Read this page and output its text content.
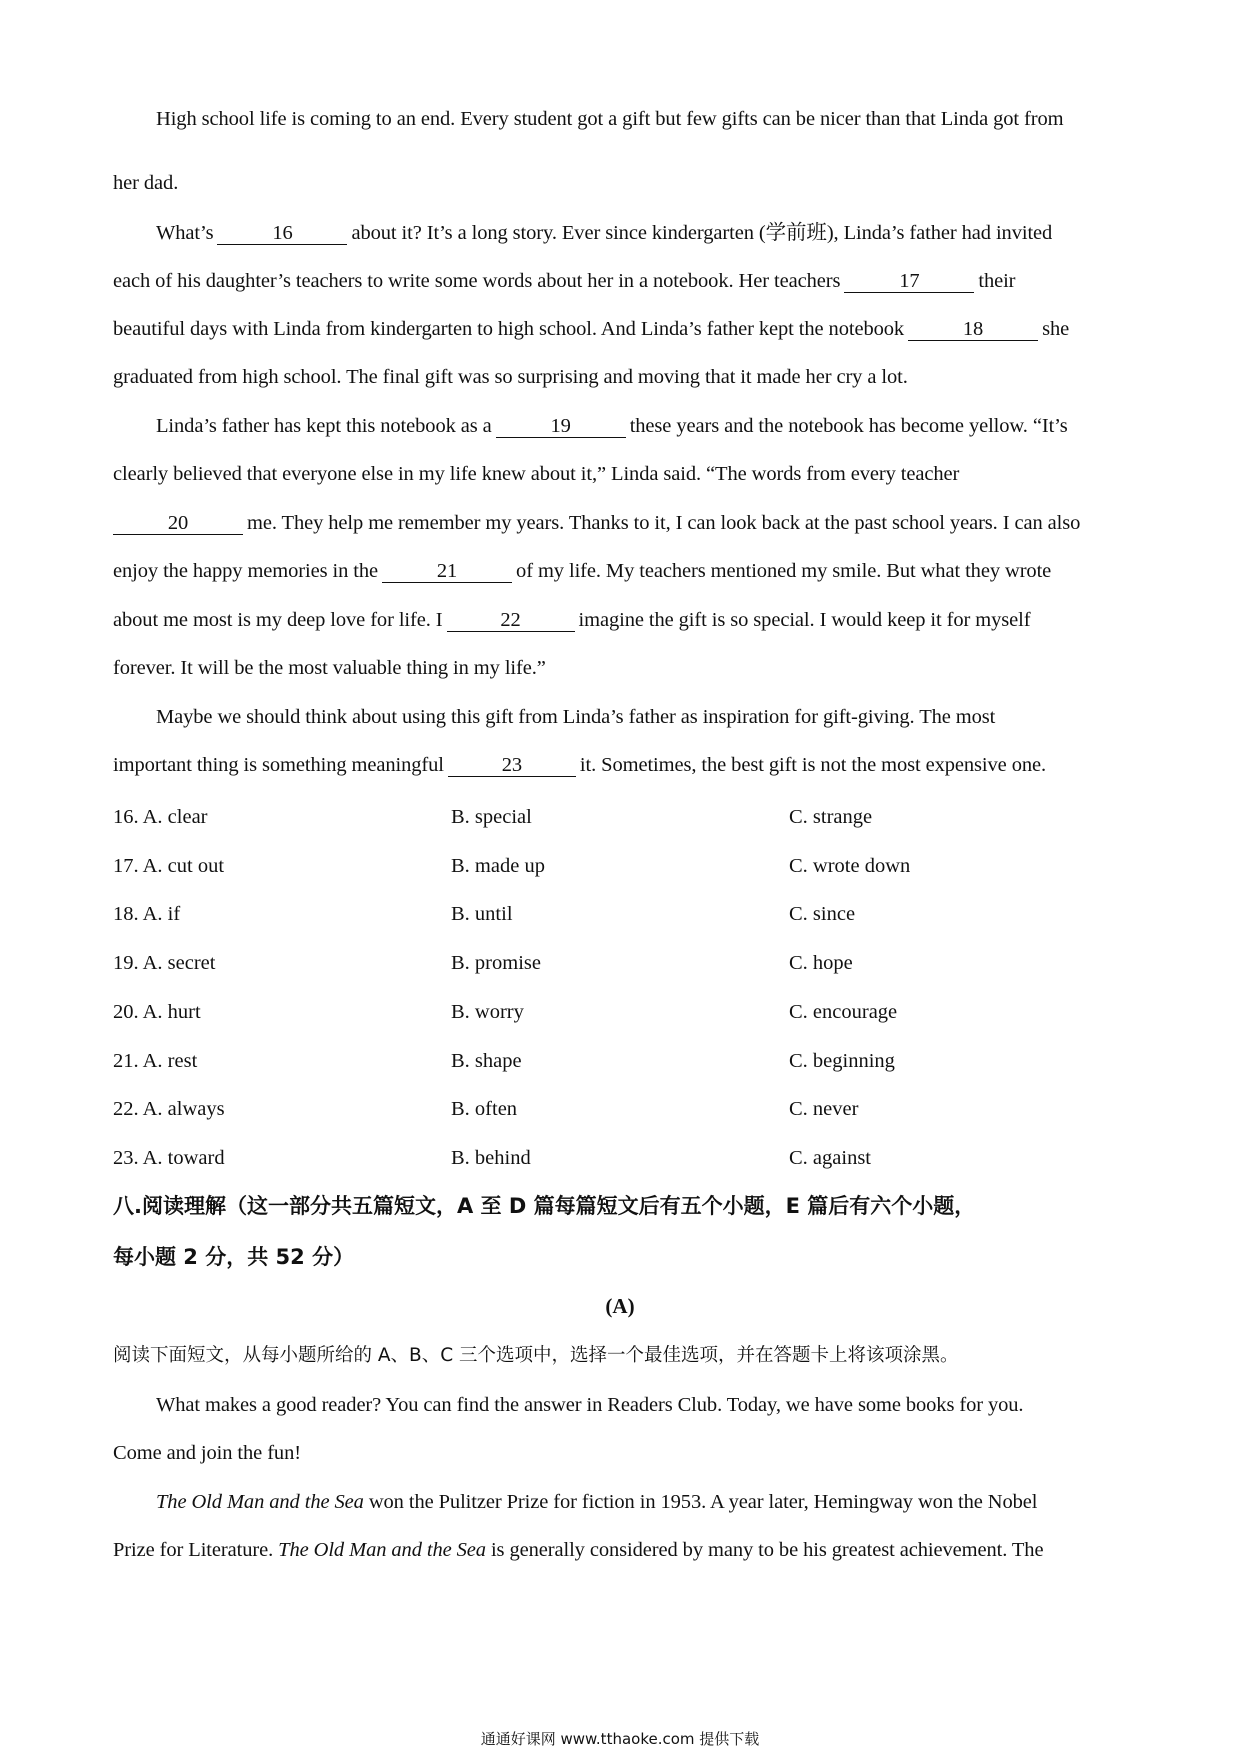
High school life is coming to an end. Every student got a gift but few gifts can be nicer than that Linda got from
her dad.
What’s	16	about it? It’s a long story. Ever since kindergarten (学前班), Linda’s father had invited
each of his daughter’s teachers to write some words about her in a notebook. Her teachers	17	their
beautiful days with Linda from kindergarten to high school. And Linda’s father kept the notebook	18	she
graduated from high school. The final gift was so surprising and moving that it made her cry a lot.
Linda’s father has kept this notebook as a	19	these years and the notebook has become yellow. “It’s
clearly believed that everyone else in my life knew about it,” Linda said. “The words from every teacher
20	me. They help me remember my years. Thanks to it, I can look back at the past school years. I can also
enjoy the happy memories in the	21	of my life. My teachers mentioned my smile. But what they wrote
about me most is my deep love for life. I	22	imagine the gift is so special. I would keep it for myself
forever. It will be the most valuable thing in my life.”
Maybe we should think about using this gift from Linda’s father as inspiration for gift-giving. The most
important thing is something meaningful	23	it. Sometimes, the best gift is not the most expensive one.
16. A. clear	B. special	C. strange
17. A. cut out	B. made up	C. wrote down
18. A. if	B. until	C. since
19. A. secret	B. promise	C. hope
20. A. hurt	B. worry	C. encourage
21. A. rest	B. shape	C. beginning
22. A. always	B. often	C. never
23. A. toward	B. behind	C. against
八.阅读理解（这一部分共五篇短文，A 至 D 篇每篇短文后有五个小题，E 篇后有六个小题，
每小题 2 分，共 52 分）
(A)
阅读下面短文，从每小题所给的 A、B、C 三个选项中，选择一个最佳选项，并在答题卡上将该项涂黑。
What makes a good reader? You can find the answer in Readers Club. Today, we have some books for you.
Come and join the fun!
The Old Man and the Sea won the Pulitzer Prize for fiction in 1953. A year later, Hemingway won the Nobel
Prize for Literature. The Old Man and the Sea is generally considered by many to be his greatest achievement. The
通通好课网 www.tthaoke.com 提供下载
